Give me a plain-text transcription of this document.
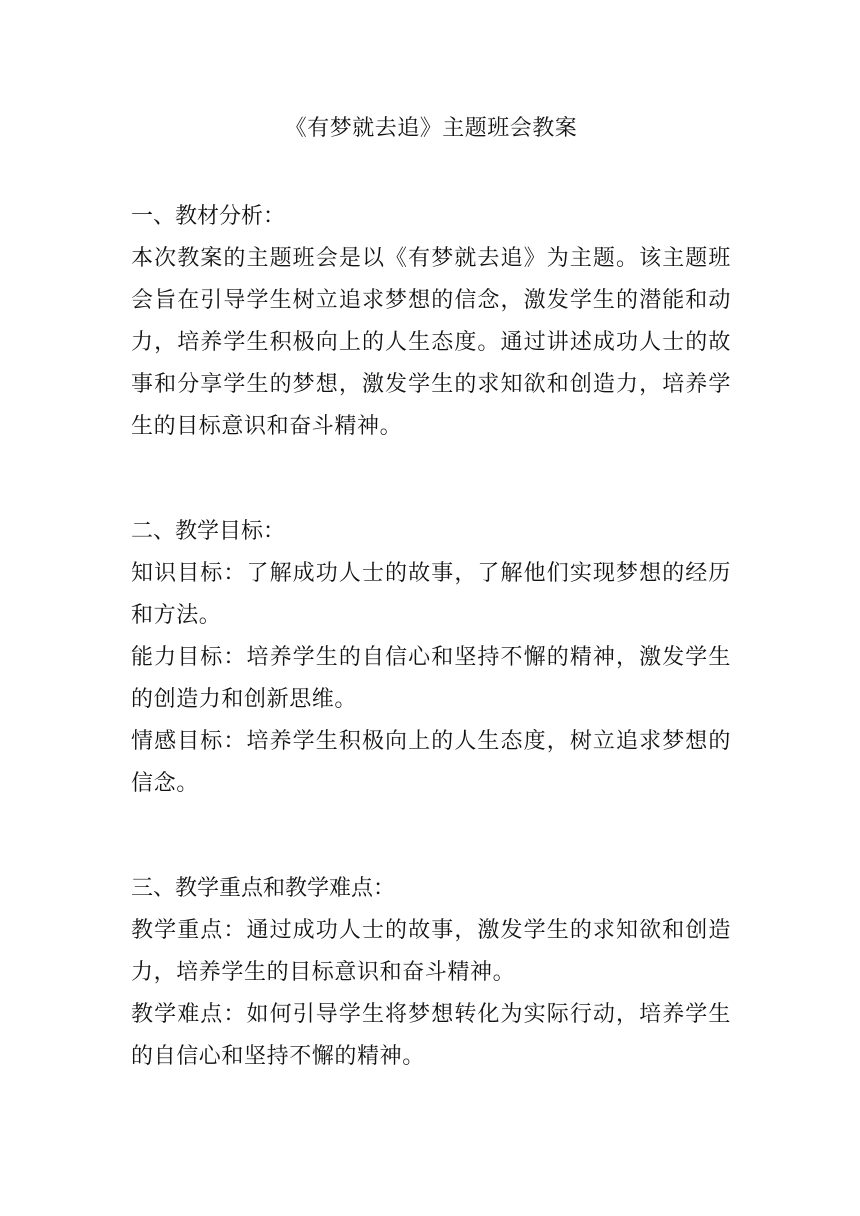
《有梦就去追》主题班会教案

一、教材分析：

本次教案的主题班会是以《有梦就去追》为主题。该主题班会旨在引导学生树立追求梦想的信念，激发学生的潜能和动力，培养学生积极向上的人生态度。通过讲述成功人士的故事和分享学生的梦想，激发学生的求知欲和创造力，培养学生的目标意识和奋斗精神。

二、教学目标：

知识目标：了解成功人士的故事，了解他们实现梦想的经历和方法。

能力目标：培养学生的自信心和坚持不懈的精神，激发学生的创造力和创新思维。

情感目标：培养学生积极向上的人生态度，树立追求梦想的信念。

三、教学重点和教学难点：

教学重点：通过成功人士的故事，激发学生的求知欲和创造力，培养学生的目标意识和奋斗精神。

教学难点：如何引导学生将梦想转化为实际行动，培养学生的自信心和坚持不懈的精神。
